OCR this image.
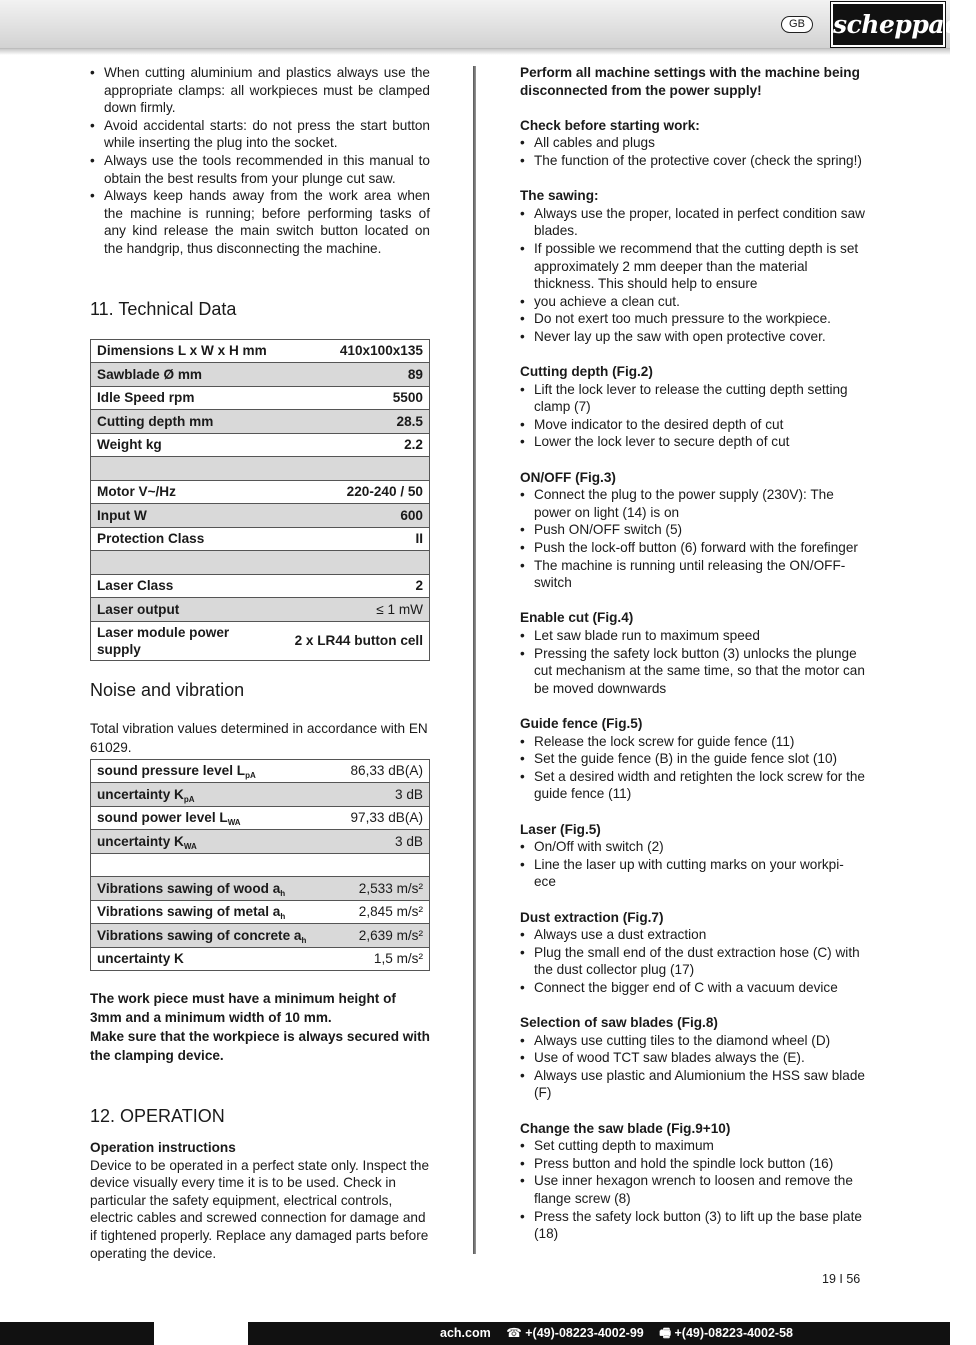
GB	scheppach
• When cutting aluminium and plastics always use the appropriate clamps: all workpieces must be clamped down firmly.
• Avoid accidental starts: do not press the start button while inserting the plug into the socket.
• Always use the tools recommended in this manual to obtain the best results from your plunge cut saw.
• Always keep hands away from the work area when the machine is running; before performing tasks of any kind release the main switch button located on the handgrip, thus disconnecting the machine.
11. Technical Data
Dimensions L x W x H mm	410x100x135
Sawblade Ø mm	89
Idle Speed rpm	5500
Cutting depth mm	28.5
Weight kg	2.2

Motor V~/Hz	220-240 / 50
Input W	600
Protection Class	II

Laser Class	2
Laser output	≤ 1 mW
Laser module power supply	2 x LR44 button cell
Noise and vibration
Total vibration values determined in accordance with EN 61029.
sound pressure level $L_{pA}$	86,33 dB(A)
uncertainty $K_{pA}$	3 dB
sound power level $L_{WA}$	97,33 dB(A)
uncertainty $K_{WA}$	3 dB

Vibrations sawing of wood $a_h$	2,533 m/s²
Vibrations sawing of metal $a_h$	2,845 m/s²
Vibrations sawing of concrete $a_h$	2,639 m/s²
uncertainty K	1,5 m/s²
The work piece must have a minimum height of 3mm and a minimum width of 10 mm.
Make sure that the workpiece is always secured with the clamping device.
12. OPERATION
Operation instructions
Device to be operated in a perfect state only. Inspect the device visually every time it is to be used. Check in particular the safety equipment, electrical controls, electric cables and screwed connection for damage and if tightened properly. Replace any damaged parts before operating the device.
Perform all machine settings with the machine being disconnected from the power supply!
Check before starting work:
• All cables and plugs
• The function of the protective cover (check the spring!)
The sawing:
• Always use the proper, located in perfect condition saw blades.
• If possible we recommend that the cutting depth is set approximately 2 mm deeper than the material thickness. This should help to ensure
• you achieve a clean cut.
• Do not exert too much pressure to the workpiece.
• Never lay up the saw with open protective cover.
Cutting depth (Fig.2)
• Lift the lock lever to release the cutting depth setting clamp (7)
• Move indicator to the desired depth of cut
• Lower the lock lever to secure depth of cut
ON/OFF (Fig.3)
• Connect the plug to the power supply (230V): The power on light (14) is on
• Push ON/OFF switch (5)
• Push the lock-off button (6) forward with the forefinger
• The machine is running until releasing the ON/OFF-switch
Enable cut (Fig.4)
• Let saw blade run to maximum speed
• Pressing the safety lock button (3) unlocks the plunge cut mechanism at the same time, so that the motor can be moved downwards
Guide fence (Fig.5)
• Release the lock screw for guide fence (11)
• Set the guide fence (B) in the guide fence slot (10)
• Set a desired width and retighten the lock screw for the guide fence (11)
Laser (Fig.5)
• On/Off with switch (2)
• Line the laser up with cutting marks on your workpi-ece
Dust extraction (Fig.7)
• Always use a dust extraction
• Plug the small end of the dust extraction hose (C) with the dust collector plug (17)
• Connect the bigger end of C with a vacuum device
Selection of saw blades (Fig.8)
• Always use cutting tiles to the diamond wheel (D)
• Use of wood TCT saw blades always the (E).
• Always use plastic and Alumionium the HSS saw blade (F)
Change the saw blade (Fig.9+10)
• Set cutting depth to maximum
• Press button and hold the spindle lock button (16)
• Use inner hexagon wrench to loosen and remove the flange screw (8)
• Press the safety lock button (3) to lift up the base plate (18)
19 I 56
ach.com ☎ +(49)-08223-4002-99 🖷 +(49)-08223-4002-58
